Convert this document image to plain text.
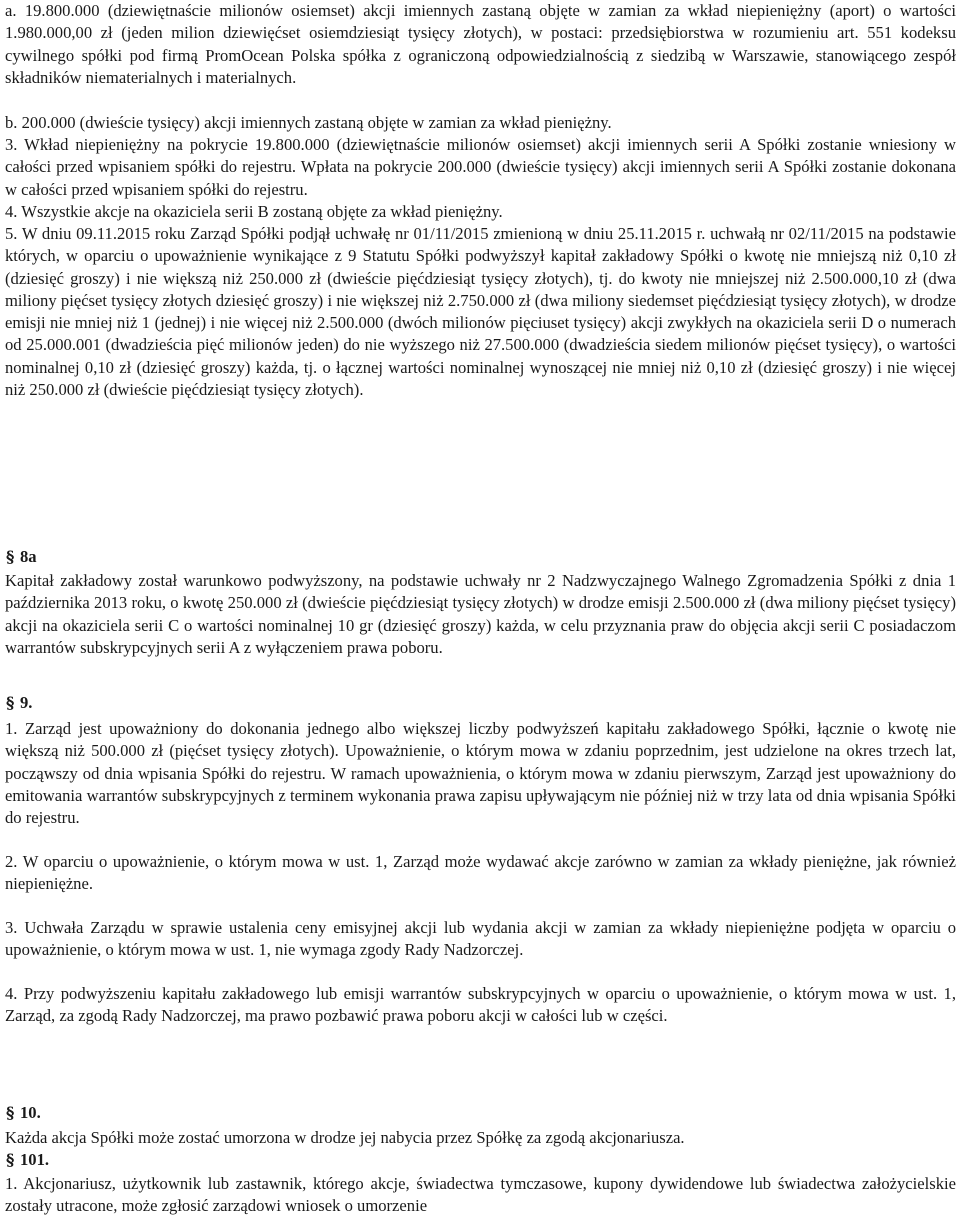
a. 19.800.000 (dziewiętnaście milionów osiemset) akcji imiennych zastaną objęte w zamian za wkład niepieniężny (aport) o wartości 1.980.000,00 zł (jeden milion dziewięćset osiemdziesiąt tysięcy złotych), w postaci: przedsiębiorstwa w rozumieniu art. 551 kodeksu cywilnego spółki pod firmą PromOcean Polska spółka z ograniczoną odpowiedzialnością z siedzibą w Warszawie, stanowiącego zespół składników niematerialnych i materialnych.

b. 200.000 (dwieście tysięcy) akcji imiennych zastaną objęte w zamian za wkład pieniężny.

3. Wkład niepieniężny na pokrycie 19.800.000 (dziewiętnaście milionów osiemset) akcji imiennych serii A Spółki zostanie wniesiony w całości przed wpisaniem spółki do rejestru. Wpłata na pokrycie 200.000 (dwieście tysięcy) akcji imiennych serii A Spółki zostanie dokonana w całości przed wpisaniem spółki do rejestru.

4. Wszystkie akcje na okaziciela serii B zostaną objęte za wkład pieniężny.

5. W dniu 09.11.2015 roku Zarząd Spółki podjął uchwałę nr 01/11/2015 zmienioną w dniu 25.11.2015 r. uchwałą nr 02/11/2015 na podstawie których, w oparciu o upoważnienie wynikające z 9 Statutu Spółki podwyższył kapitał zakładowy Spółki o kwotę nie mniejszą niż 0,10 zł (dziesięć groszy) i nie większą niż 250.000 zł (dwieście pięćdziesiąt tysięcy złotych), tj. do kwoty nie mniejszej niż 2.500.000,10 zł (dwa miliony pięćset tysięcy złotych dziesięć groszy) i nie większej niż 2.750.000 zł (dwa miliony siedemset pięćdziesiąt tysięcy złotych), w drodze emisji nie mniej niż 1 (jednej) i nie więcej niż 2.500.000 (dwóch milionów pięciuset tysięcy) akcji zwykłych na okaziciela serii D o numerach od 25.000.001 (dwadzieścia pięć milionów jeden) do nie wyższego niż 27.500.000 (dwadzieścia siedem milionów pięćset tysięcy), o wartości nominalnej 0,10 zł (dziesięć groszy) każda, tj. o łącznej wartości nominalnej wynoszącej nie mniej niż 0,10 zł (dziesięć groszy) i nie więcej niż 250.000 zł (dwieście pięćdziesiąt tysięcy złotych).

§ 8a

Kapitał zakładowy został warunkowo podwyższony, na podstawie uchwały nr 2 Nadzwyczajnego Walnego Zgromadzenia Spółki z dnia 1 października 2013 roku, o kwotę 250.000 zł (dwieście pięćdziesiąt tysięcy złotych) w drodze emisji 2.500.000 zł (dwa miliony pięćset tysięcy) akcji na okaziciela serii C o wartości nominalnej 10 gr (dziesięć groszy) każda, w celu przyznania praw do objęcia akcji serii C posiadaczom warrantów subskrypcyjnych serii A z wyłączeniem prawa poboru.

§ 9.

1. Zarząd jest upoważniony do dokonania jednego albo większej liczby podwyższeń kapitału zakładowego Spółki, łącznie o kwotę nie większą niż 500.000 zł (pięćset tysięcy złotych). Upoważnienie, o którym mowa w zdaniu poprzednim, jest udzielone na okres trzech lat, począwszy od dnia wpisania Spółki do rejestru. W ramach upoważnienia, o którym mowa w zdaniu pierwszym, Zarząd jest upoważniony do emitowania warrantów subskrypcyjnych z terminem wykonania prawa zapisu upływającym nie później niż w trzy lata od dnia wpisania Spółki do rejestru.

2. W oparciu o upoważnienie, o którym mowa w ust. 1, Zarząd może wydawać akcje zarówno w zamian za wkłady pieniężne, jak również niepieniężne.

3. Uchwała Zarządu w sprawie ustalenia ceny emisyjnej akcji lub wydania akcji w zamian za wkłady niepieniężne podjęta w oparciu o upoważnienie, o którym mowa w ust. 1, nie wymaga zgody Rady Nadzorczej.

4. Przy podwyższeniu kapitału zakładowego lub emisji warrantów subskrypcyjnych w oparciu o upoważnienie, o którym mowa w ust. 1, Zarząd, za zgodą Rady Nadzorczej, ma prawo pozbawić prawa poboru akcji w całości lub w części.

§ 10.

Każda akcja Spółki może zostać umorzona w drodze jej nabycia przez Spółkę za zgodą akcjonariusza.

§ 101.

1. Akcjonariusz, użytkownik lub zastawnik, którego akcje, świadectwa tymczasowe, kupony dywidendowe lub świadectwa założycielskie zostały utracone, może zgłosić zarządowi wniosek o umorzenie
